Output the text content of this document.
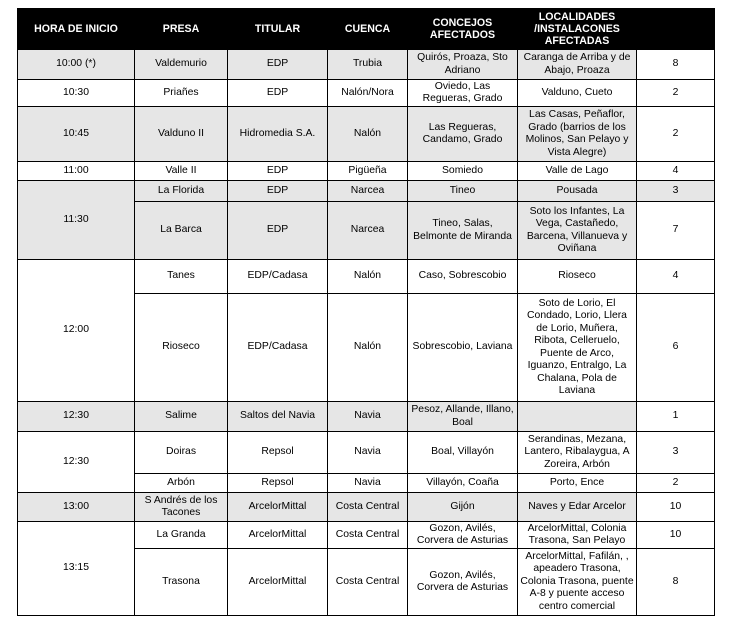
HORA DE INICIO	PRESA	TITULAR	CUENCA	CONCEJOS AFECTADOS	LOCALIDADES /INSTALACONES AFECTADAS	
10:00 (*)	Valdemurio	EDP	Trubia	Quirós, Proaza, Sto Adriano	Caranga de Arriba y de Abajo, Proaza	8
10:30	Priañes	EDP	Nalón/Nora	Oviedo, Las Regueras, Grado	Valduno, Cueto	2
10:45	Valduno II	Hidromedia S.A.	Nalón	Las Regueras, Candamo, Grado	Las Casas, Peñaflor, Grado (barrios de los Molinos, San Pelayo y Vista Alegre)	2
11:00	Valle II	EDP	Pigüeña	Somiedo	Valle de Lago	4
11:30	La Florida	EDP	Narcea	Tineo	Pousada	3
	La Barca	EDP	Narcea	Tineo, Salas, Belmonte de Miranda	Soto los Infantes, La Vega, Castañedo, Barcena, Villanueva y Oviñana	7
12:00	Tanes	EDP/Cadasa	Nalón	Caso, Sobrescobio	Rioseco	4
	Rioseco	EDP/Cadasa	Nalón	Sobrescobio, Laviana	Soto de Lorio, El Condado, Lorio, Llera de Lorio, Muñera, Ribota, Celleruelo, Puente de Arco, Iguanzo, Entralgo, La Chalana, Pola de Laviana	6
12:30	Salime	Saltos del Navia	Navia	Pesoz, Allande, Illano, Boal		1
12:30	Doiras	Repsol	Navia	Boal, Villayón	Serandinas, Mezana, Lantero, Ribalaygua, A Zoreira, Arbón	3
	Arbón	Repsol	Navia	Villayón, Coaña	Porto, Ence	2
13:00	S Andrés de los Tacones	ArcelorMittal	Costa Central	Gijón	Naves y Edar Arcelor	10
13:15	La Granda	ArcelorMittal	Costa Central	Gozon, Avilés, Corvera de Asturias	ArcelorMittal, Colonia Trasona, San Pelayo	10
	Trasona	ArcelorMittal	Costa Central	Gozon, Avilés, Corvera de Asturias	ArcelorMittal, Fafilán, , apeadero Trasona, Colonia Trasona, puente A-8 y puente acceso centro comercial	8
